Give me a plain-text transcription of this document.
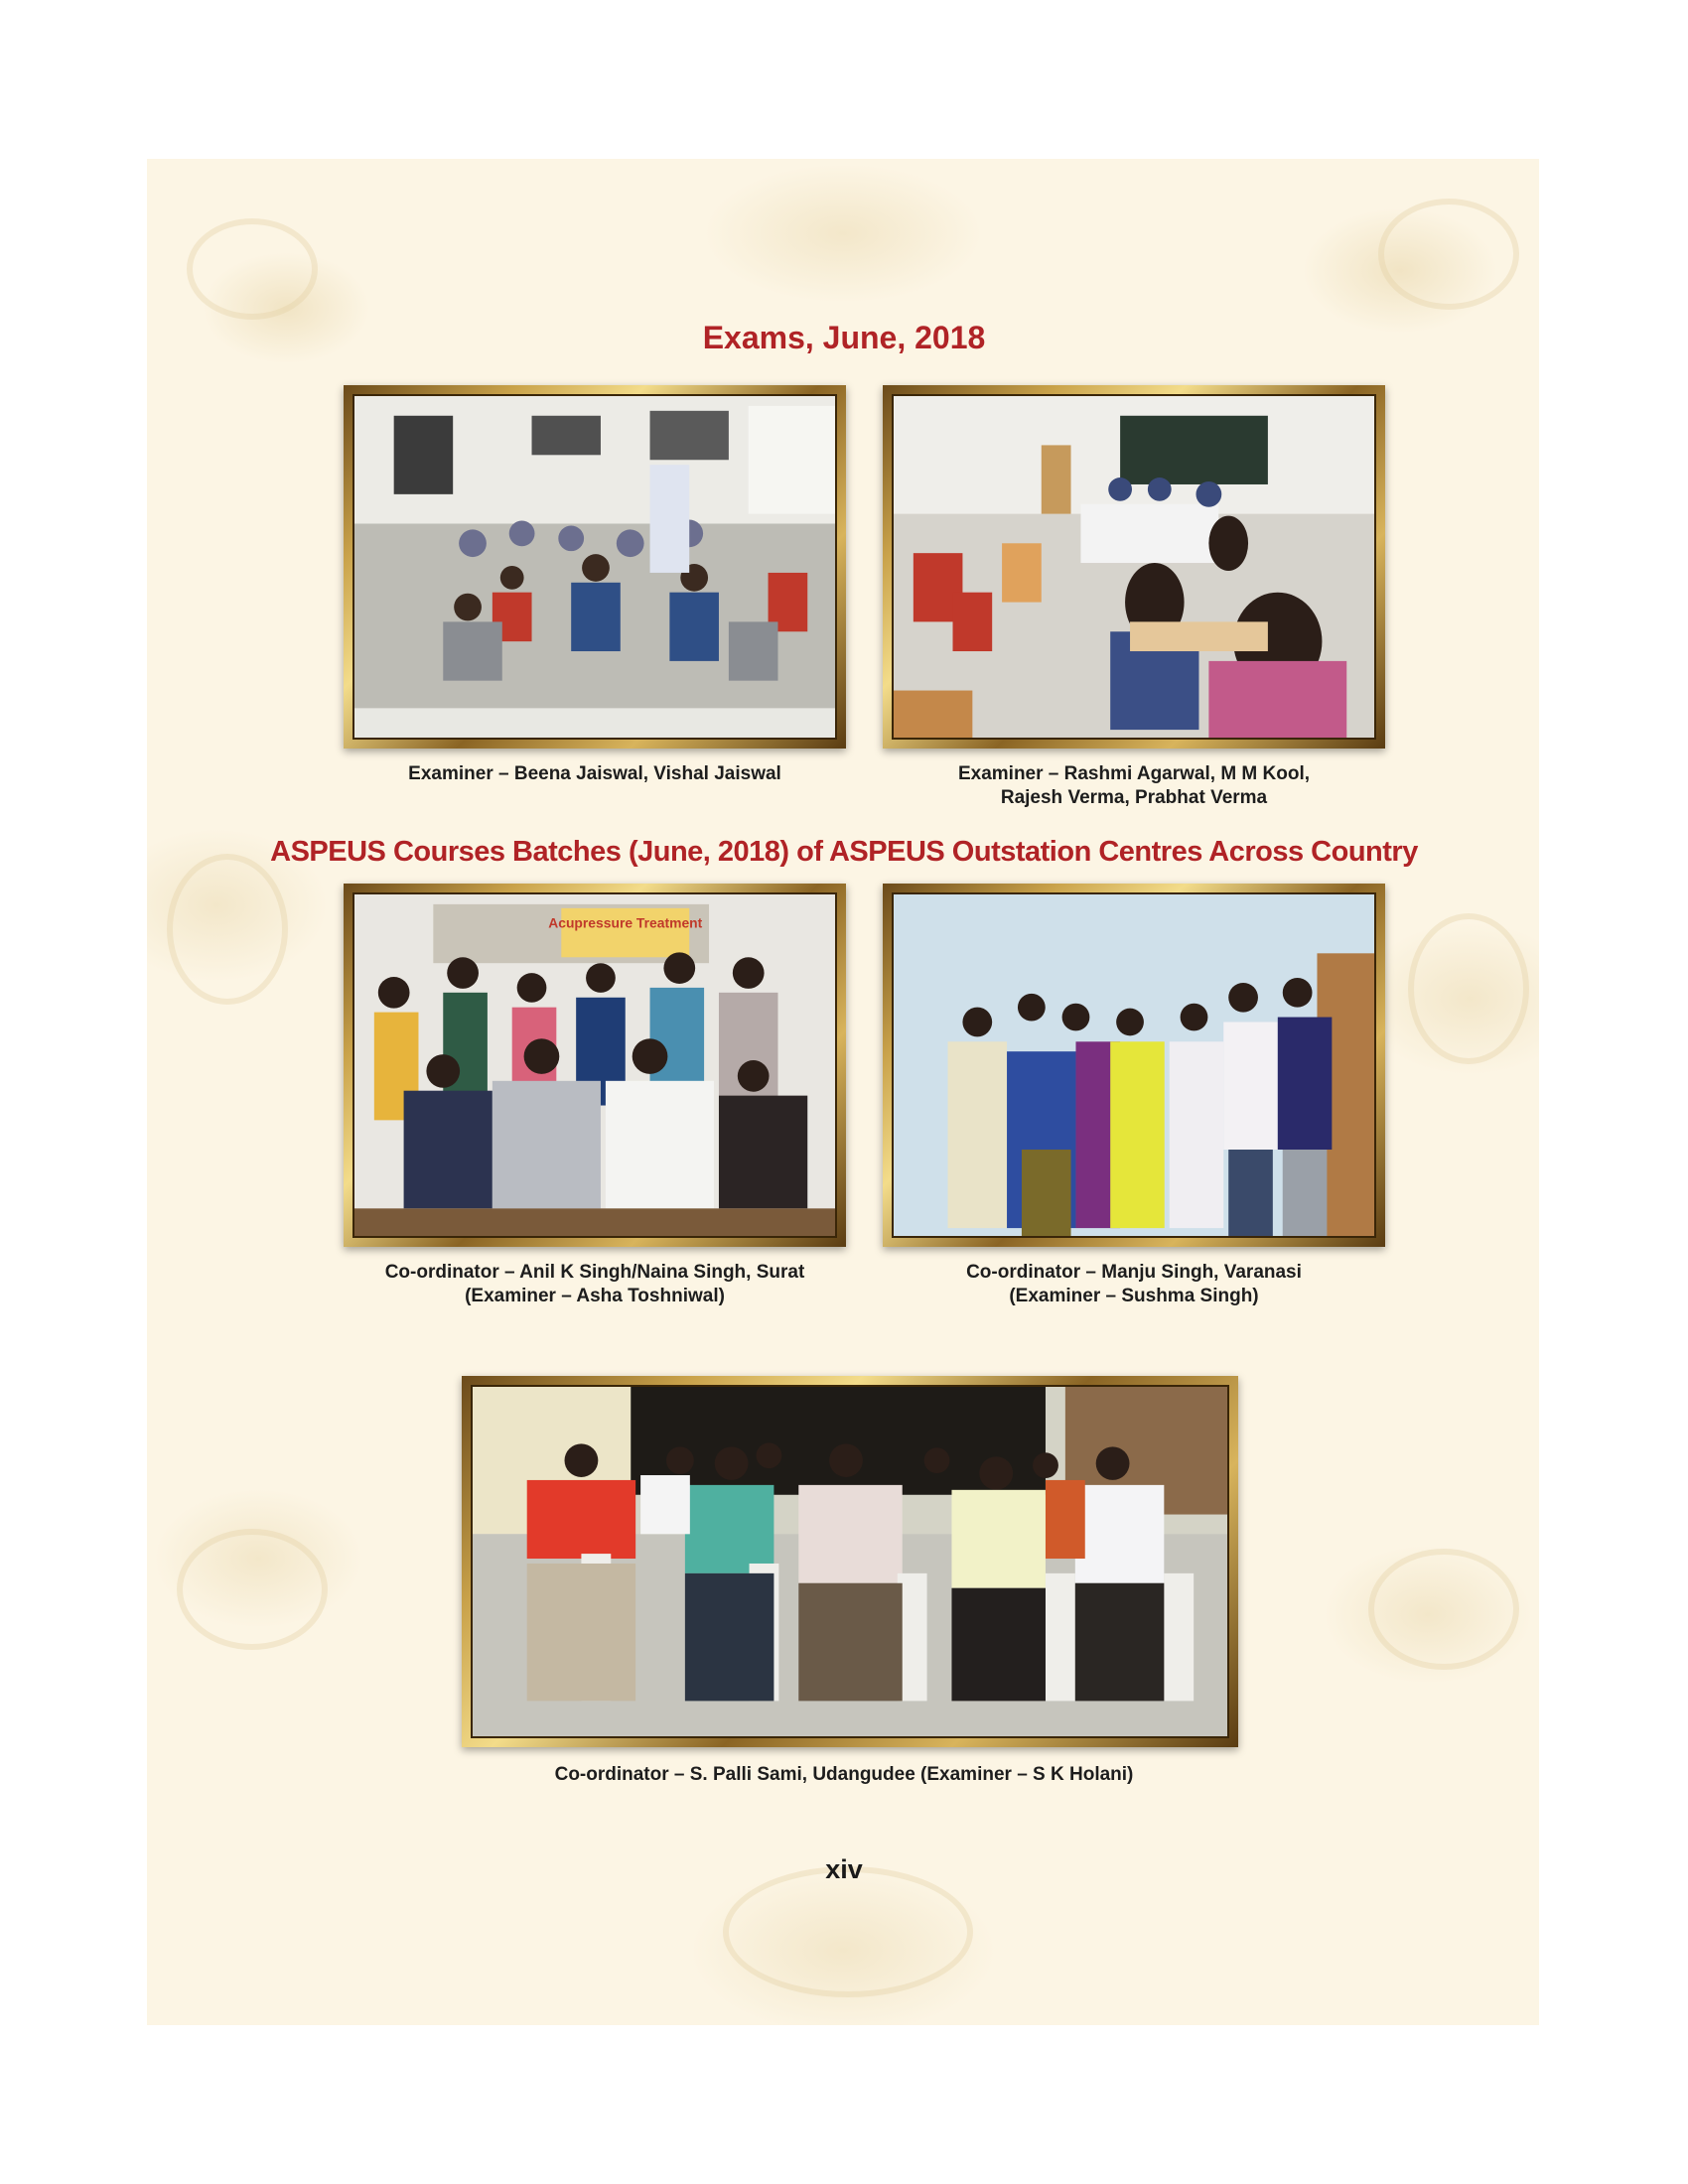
Exams, June, 2018

Examiner – Beena Jaiswal, Vishal Jaiswal	Examiner – Rashmi Agarwal, M M Kool,
Rajesh Verma, Prabhat Verma

ASPEUS Courses Batches (June, 2018) of ASPEUS Outstation Centres Across Country
Acupressure Treatment

Co-ordinator – Anil K Singh/Naina Singh, Surat
(Examiner – Asha Toshniwal)

Co-ordinator – Manju Singh, Varanasi
(Examiner – Sushma Singh)

Co-ordinator – S. Palli Sami, Udangudee (Examiner – S K Holani)

xiv
